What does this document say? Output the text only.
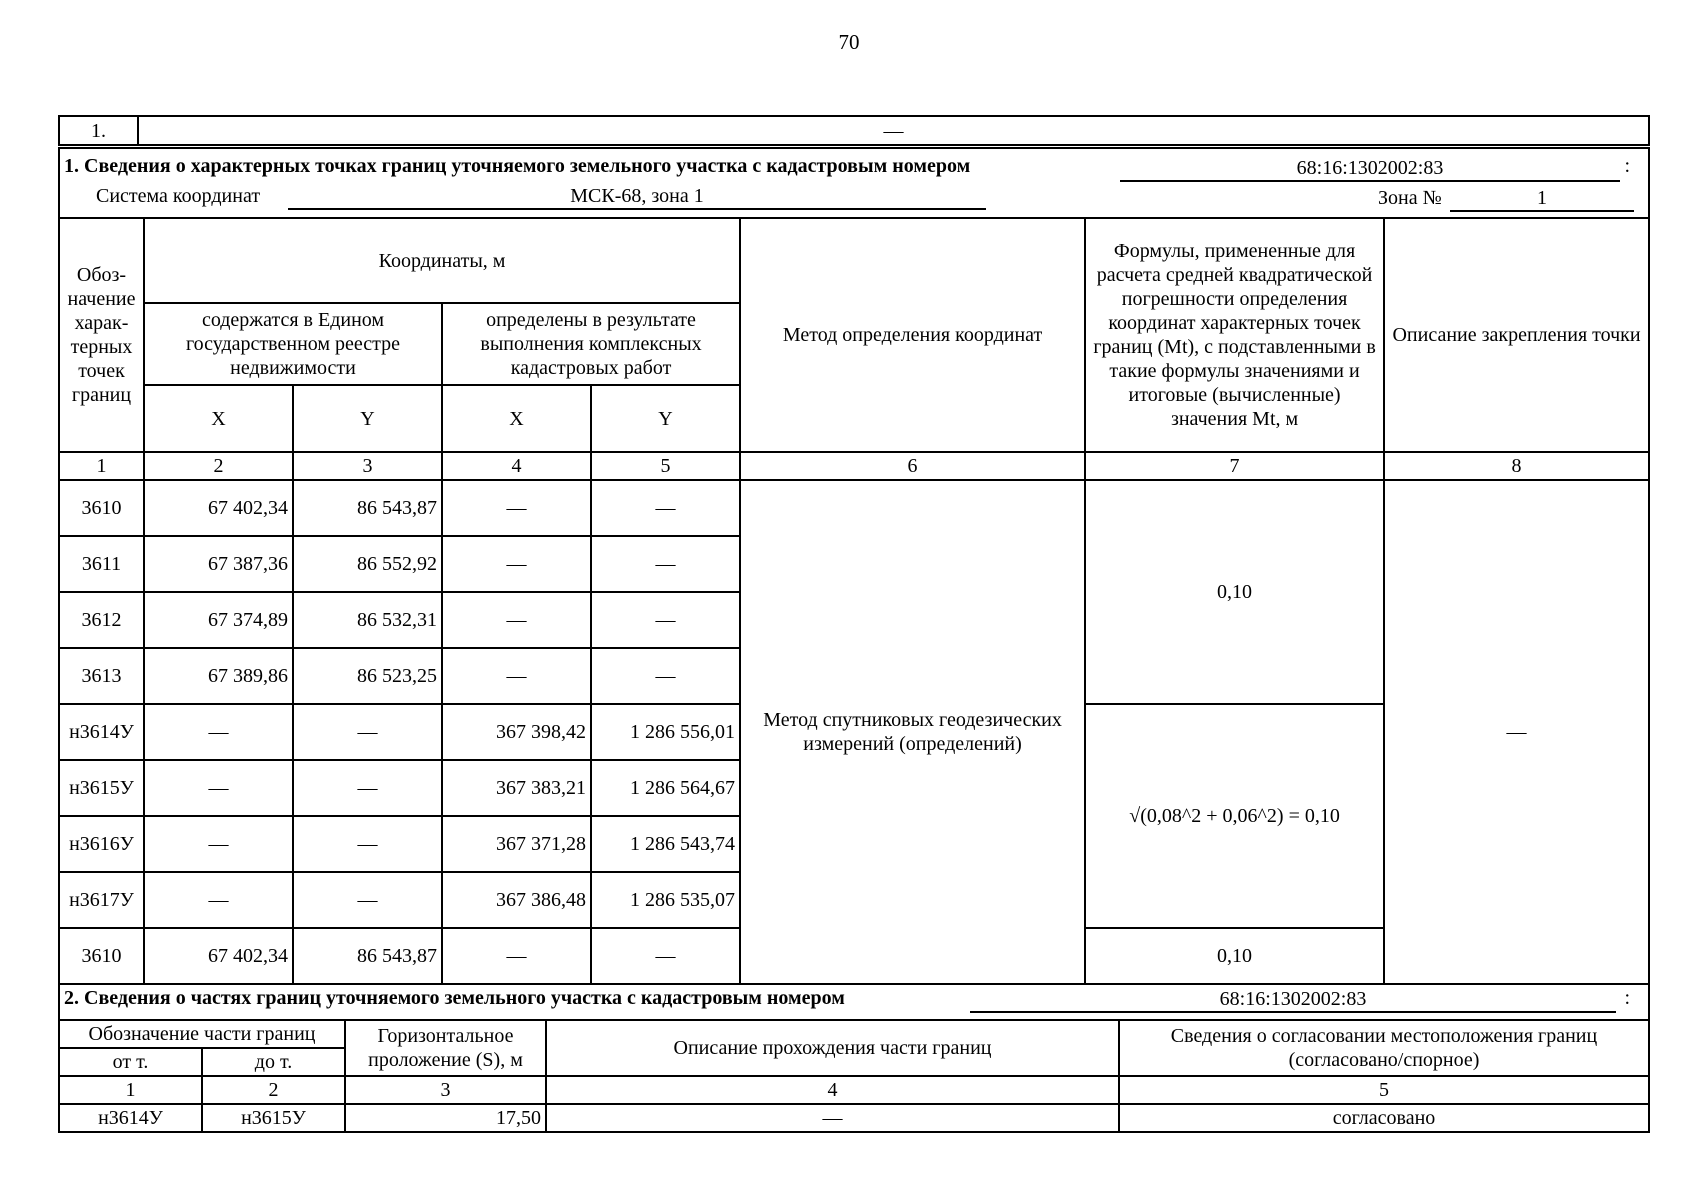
70
1.	—
1. Сведения о характерных точках границ уточняемого земельного участка с кадастровым номером	68:16:1302002:83	:
Система координат	МСК-68, зона 1	Зона №	1
Обоз-начение харак-терных точек границ	Координаты, м				Метод определения координат	Формулы, примененные для расчета средней квадратической погрешности определения координат характерных точек границ (Mt), с подставленными в такие формулы значениями и итоговые (вычисленные) значения Mt, м	Описание закрепления точки
	содержатся в Едином государственном реестре недвижимости		определены в результате выполнения комплексных кадастровых работ				
	X	Y	X	Y			
1	2	3	4	5	6	7	8
3610	67 402,34	86 543,87	—	—	Метод спутниковых геодезических измерений (определений)	0,10	—
3611	67 387,36	86 552,92	—	—			
3612	67 374,89	86 532,31	—	—			
3613	67 389,86	86 523,25	—	—			
н3614У	—	—	367 398,42	1 286 556,01		√(0,08^2 + 0,06^2) = 0,10	
н3615У	—	—	367 383,21	1 286 564,67			
н3616У	—	—	367 371,28	1 286 543,74			
н3617У	—	—	367 386,48	1 286 535,07			
3610	67 402,34	86 543,87	—	—		0,10	
2. Сведения о частях границ уточняемого земельного участка с кадастровым номером	68:16:1302002:83	:
Обозначение части границ		Горизонтальное проложение (S), м	Описание прохождения части границ	Сведения о согласовании местоположения границ (согласовано/спорное)
от т.	до т.			
1	2	3	4	5
н3614У	н3615У	17,50	—	согласовано
